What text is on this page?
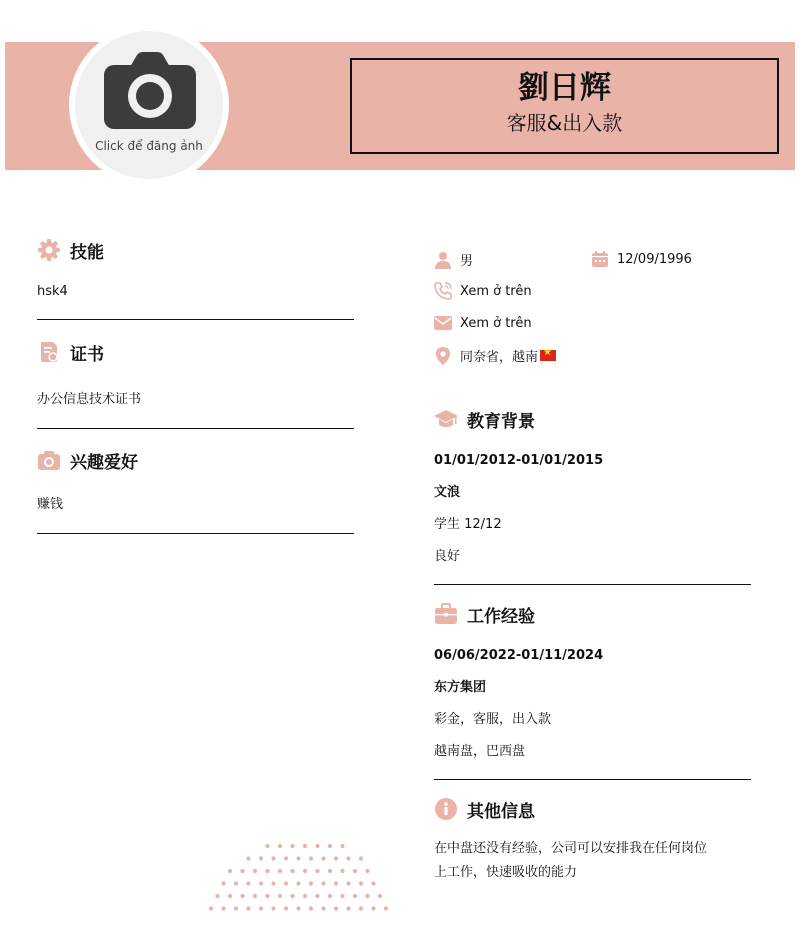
Click để đăng ảnh
劉日辉
客服&出入款
技能
hsk4
证书
办公信息技术证书
兴趣爱好
赚钱
男	12/09/1996
Xem ở trên
Xem ở trên
同奈省，越南
★
教育背景
01/01/2012-01/01/2015
文浪
学生 12/12
良好
工作经验
06/06/2022-01/11/2024
东方集团
彩金，客服，出入款
越南盘，巴西盘
其他信息
在中盘还没有经验，公司可以安排我在任何岗位
上工作，快速吸收的能力
